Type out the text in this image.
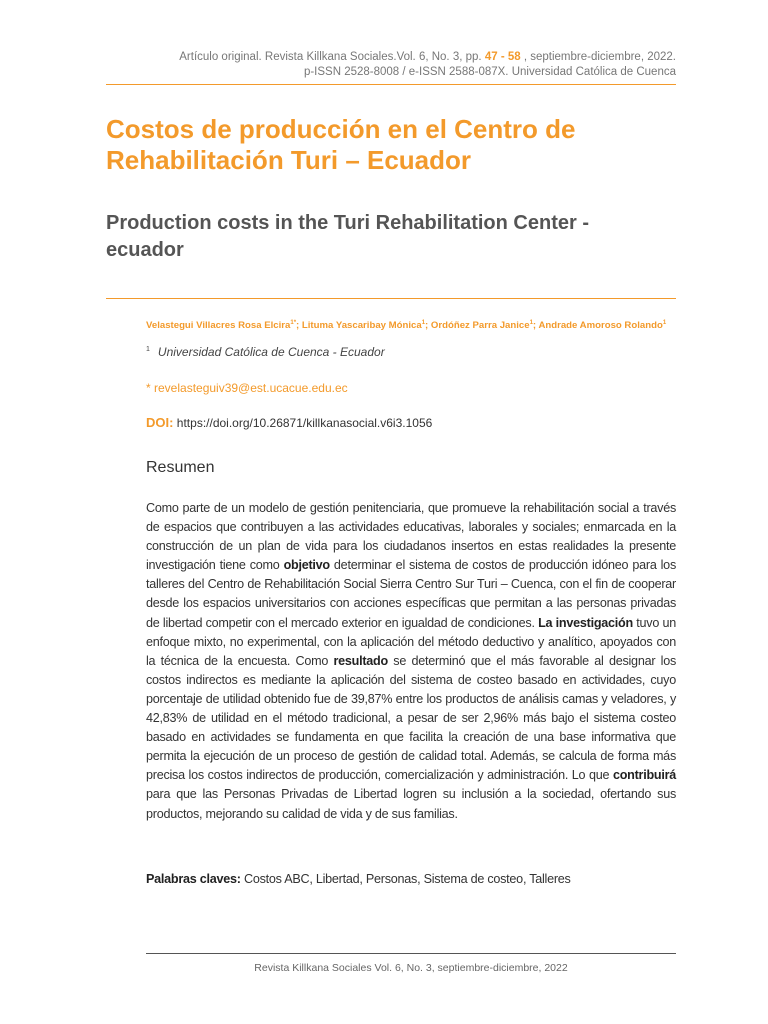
Artículo original. Revista Killkana Sociales.Vol. 6, No. 3, pp. 47 - 58 , septiembre-diciembre, 2022.
p-ISSN 2528-8008 / e-ISSN 2588-087X. Universidad Católica de Cuenca
Costos de producción en el Centro de Rehabilitación Turi – Ecuador
Production costs in the Turi Rehabilitation Center - ecuador
Velastegui Villacres Rosa Elcira$^{1*}$; Lituma Yascaribay Mónica$^1$; Ordóñez Parra Janice$^1$; Andrade Amoroso Rolando$^1$
$^1$ Universidad Católica de Cuenca - Ecuador
* revelasteguiv39@est.ucacue.edu.ec
DOI: https://doi.org/10.26871/killkanasocial.v6i3.1056
Resumen

Como parte de un modelo de gestión penitenciaria, que promueve la rehabilitación social a través de espacios que contribuyen a las actividades educativas, laborales y sociales; enmarcada en la construcción de un plan de vida para los ciudadanos insertos en estas realidades la presente investigación tiene como objetivo determinar el sistema de costos de producción idóneo para los talleres del Centro de Rehabilitación Social Sierra Centro Sur Turi – Cuenca, con el fin de cooperar desde los espacios universitarios con acciones específicas que permitan a las personas privadas de libertad competir con el mercado exterior en igualdad de condiciones. La investigación tuvo un enfoque mixto, no experimental, con la aplicación del método deductivo y analítico, apoyados con la técnica de la encuesta. Como resultado se determinó que el más favorable al designar los costos indirectos es mediante la aplicación del sistema de costeo basado en actividades, cuyo porcentaje de utilidad obtenido fue de 39,87% entre los productos de análisis camas y veladores, y 42,83% de utilidad en el método tradicional, a pesar de ser 2,96% más bajo el sistema costeo basado en actividades se fundamenta en que facilita la creación de una base informativa que permita la ejecución de un proceso de gestión de calidad total. Además, se calcula de forma más precisa los costos indirectos de producción, comercialización y administración. Lo que contribuirá para que las Personas Privadas de Libertad logren su inclusión a la sociedad, ofertando sus productos, mejorando su calidad de vida y de sus familias.

Palabras claves: Costos ABC, Libertad, Personas, Sistema de costeo, Talleres
Revista Killkana Sociales Vol. 6, No. 3, septiembre-diciembre, 2022
